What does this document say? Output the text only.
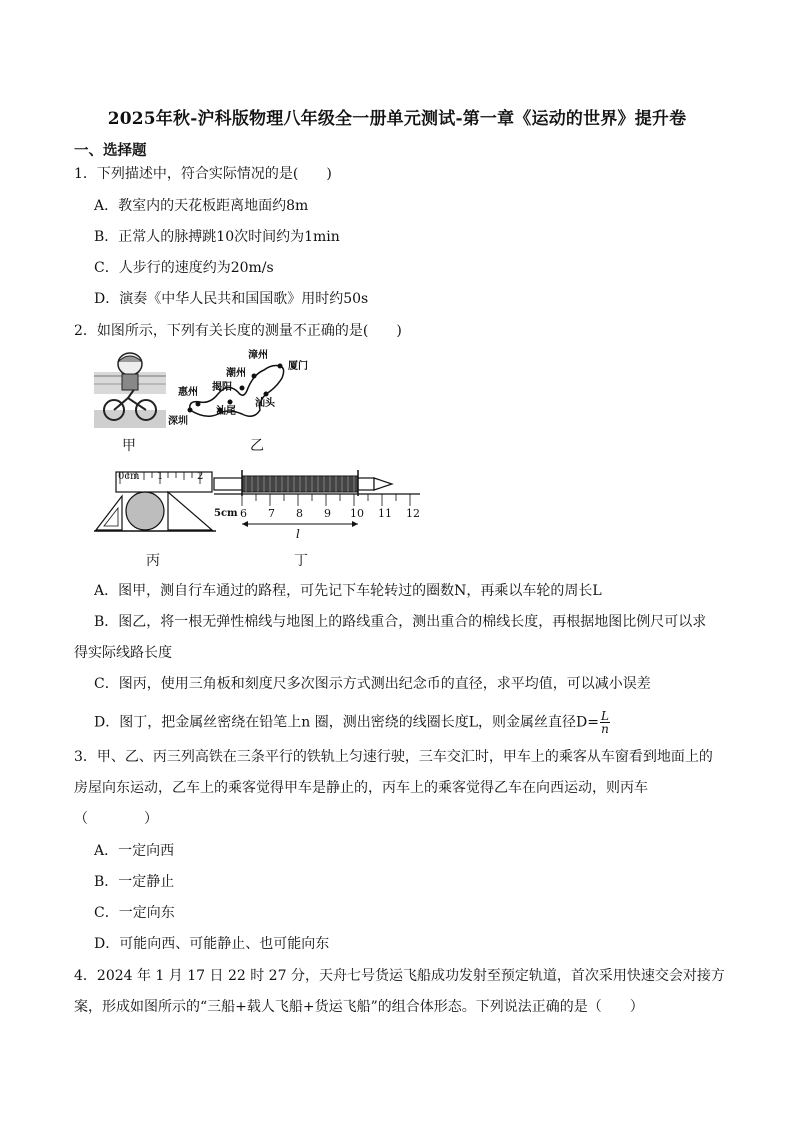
2025年秋-沪科版物理八年级全一册单元测试-第一章《运动的世界》提升卷
一、选择题
1．下列描述中，符合实际情况的是(　　)
A．教室内的天花板距离地面约8m
B．正常人的脉搏跳10次时间约为1min
C．人步行的速度约为20m/s
D．演奏《中华人民共和国国歌》用时约50s
2．如图所示，下列有关长度的测量不正确的是(　　)
甲
漳州
厦门
潮州
揭阳
惠州
汕头
汕尾
深圳
乙
0cm 1	2
丙
5cm 6 7 8 9 10 11 12
l
丁
A．图甲，测自行车通过的路程，可先记下车轮转过的圈数N，再乘以车轮的周长L
B．图乙，将一根无弹性棉线与地图上的路线重合，测出重合的棉线长度，再根据地图比例尺可以求
得实际线路长度
C．图丙，使用三角板和刻度尺多次图示方式测出纪念币的直径，求平均值，可以减小误差
D．图丁，把金属丝密绕在铅笔上n 圈，测出密绕的线圈长度L，则金属丝直径$D= \frac{L}{n}$
3．甲、乙、丙三列高铁在三条平行的铁轨上匀速行驶，三车交汇时，甲车上的乘客从车窗看到地面上的
房屋向东运动，乙车上的乘客觉得甲车是静止的，丙车上的乘客觉得乙车在向西运动，则丙车
（　　　　）
A．一定向西
B．一定静止
C．一定向东
D．可能向西、可能静止、也可能向东
4．2024 年 1 月 17 日 22 时 27 分，天舟七号货运飞船成功发射至预定轨道，首次采用快速交会对接方
案，形成如图所示的“三船+载人飞船+货运飞船”的组合体形态。下列说法正确的是（　　）
